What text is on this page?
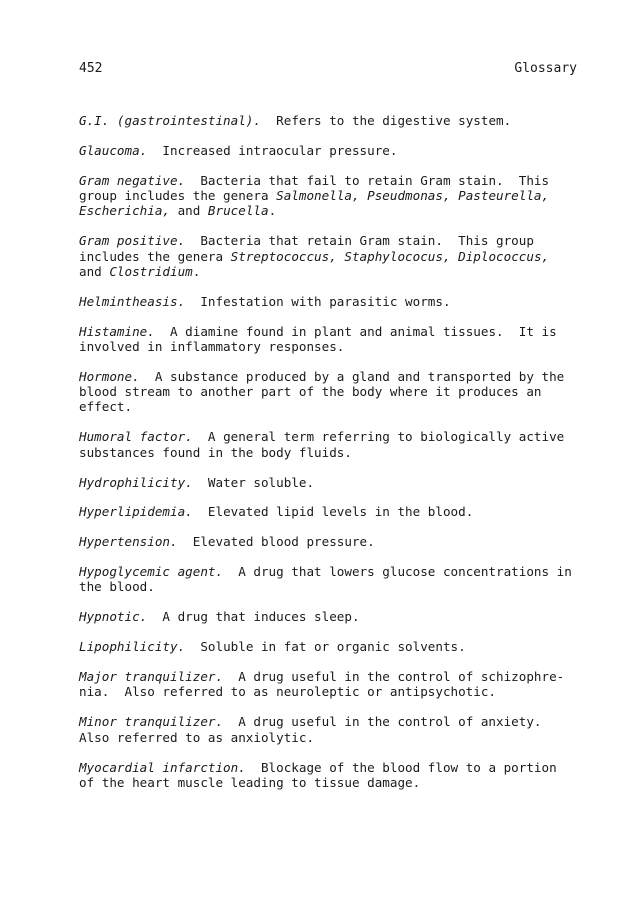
452	Glossary
G.I. (gastrointestinal).  Refers to the digestive system.
Glaucoma.  Increased intraocular pressure.
Gram negative.  Bacteria that fail to retain Gram stain.  This
group includes the genera Salmonella, Pseudmonas, Pasteurella,
Escherichia, and Brucella.
Gram positive.  Bacteria that retain Gram stain.  This group
includes the genera Streptococcus, Staphylococus, Diplococcus,
and Clostridium.
Helmintheasis.  Infestation with parasitic worms.
Histamine.  A diamine found in plant and animal tissues.  It is
involved in inflammatory responses.
Hormone.  A substance produced by a gland and transported by the
blood stream to another part of the body where it produces an
effect.
Humoral factor.  A general term referring to biologically active
substances found in the body fluids.
Hydrophilicity.  Water soluble.
Hyperlipidemia.  Elevated lipid levels in the blood.
Hypertension.  Elevated blood pressure.
Hypoglycemic agent.  A drug that lowers glucose concentrations in
the blood.
Hypnotic.  A drug that induces sleep.
Lipophilicity.  Soluble in fat or organic solvents.
Major tranquilizer.  A drug useful in the control of schizophre-
nia.  Also referred to as neuroleptic or antipsychotic.
Minor tranquilizer.  A drug useful in the control of anxiety.
Also referred to as anxiolytic.
Myocardial infarction.  Blockage of the blood flow to a portion
of the heart muscle leading to tissue damage.
